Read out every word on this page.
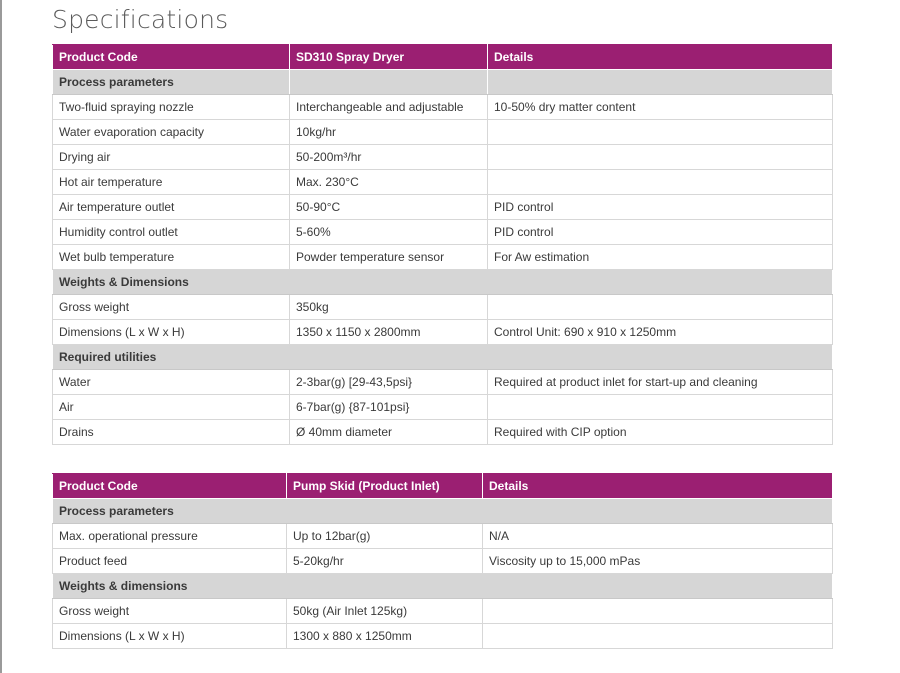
Specifications
Product Code	SD310 Spray Dryer	Details
Process parameters		
Two-fluid spraying nozzle	Interchangeable and adjustable	10-50% dry matter content
Water evaporation capacity	10kg/hr	
Drying air	50-200m³/hr	
Hot air temperature	Max. 230°C	
Air temperature outlet	50-90°C	PID control
Humidity control outlet	5-60%	PID control
Wet bulb temperature	Powder temperature sensor	For Aw estimation
Weights & Dimensions		
Gross weight	350kg	
Dimensions (L x W x H)	1350 x 1150 x 2800mm	Control Unit: 690 x 910 x 1250mm
Required utilities		
Water	2-3bar(g) [29-43,5psi}	Required at product inlet for start-up and cleaning
Air	6-7bar(g) {87-101psi}	
Drains	Ø 40mm diameter	Required with CIP option
Product Code	Pump Skid (Product Inlet)	Details
Process parameters		
Max. operational pressure	Up to 12bar(g)	N/A
Product feed	5-20kg/hr	Viscosity up to 15,000 mPas
Weights & dimensions		
Gross weight	50kg (Air Inlet 125kg)	
Dimensions (L x W x H)	1300 x 880 x 1250mm	
